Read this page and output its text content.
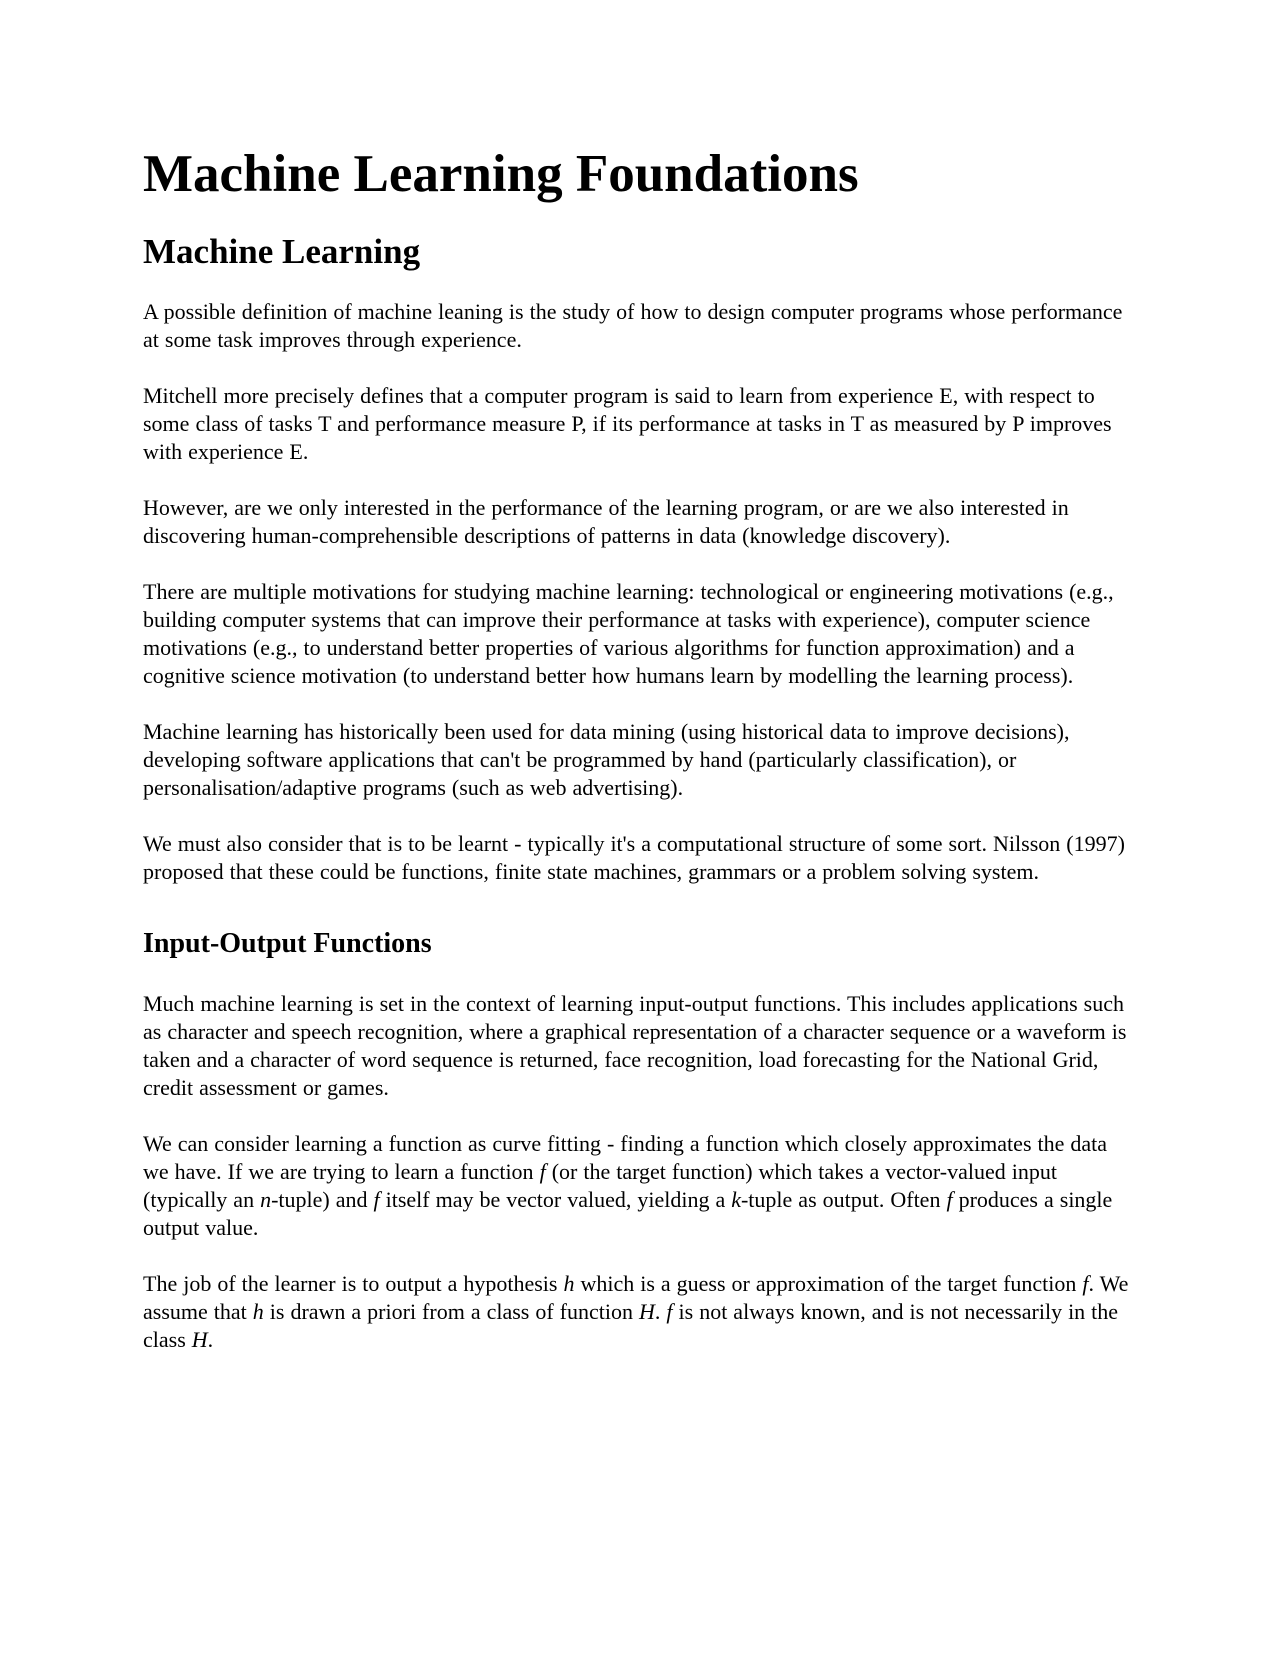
Machine Learning Foundations
Machine Learning

A possible definition of machine leaning is the study of how to design computer programs whose performance at some task improves through experience.

Mitchell more precisely defines that a computer program is said to learn from experience E, with respect to some class of tasks T and performance measure P, if its performance at tasks in T as measured by P improves with experience E.

However, are we only interested in the performance of the learning program, or are we also interested in discovering human-comprehensible descriptions of patterns in data (knowledge discovery).

There are multiple motivations for studying machine learning: technological or engineering motivations (e.g., building computer systems that can improve their performance at tasks with experience), computer science motivations (e.g., to understand better properties of various algorithms for function approximation) and a cognitive science motivation (to understand better how humans learn by modelling the learning process).

Machine learning has historically been used for data mining (using historical data to improve decisions), developing software applications that can't be programmed by hand (particularly classification), or personalisation/adaptive programs (such as web advertising).

We must also consider that is to be learnt - typically it's a computational structure of some sort. Nilsson (1997) proposed that these could be functions, finite state machines, grammars or a problem solving system.

Input-Output Functions

Much machine learning is set in the context of learning input-output functions. This includes applications such as character and speech recognition, where a graphical representation of a character sequence or a waveform is taken and a character of word sequence is returned, face recognition, load forecasting for the National Grid, credit assessment or games.

We can consider learning a function as curve fitting - finding a function which closely approximates the data we have. If we are trying to learn a function f (or the target function) which takes a vector-valued input (typically an n-tuple) and f itself may be vector valued, yielding a k-tuple as output. Often f produces a single output value.

The job of the learner is to output a hypothesis h which is a guess or approximation of the target function f. We assume that h is drawn a priori from a class of function H. f is not always known, and is not necessarily in the class H.
